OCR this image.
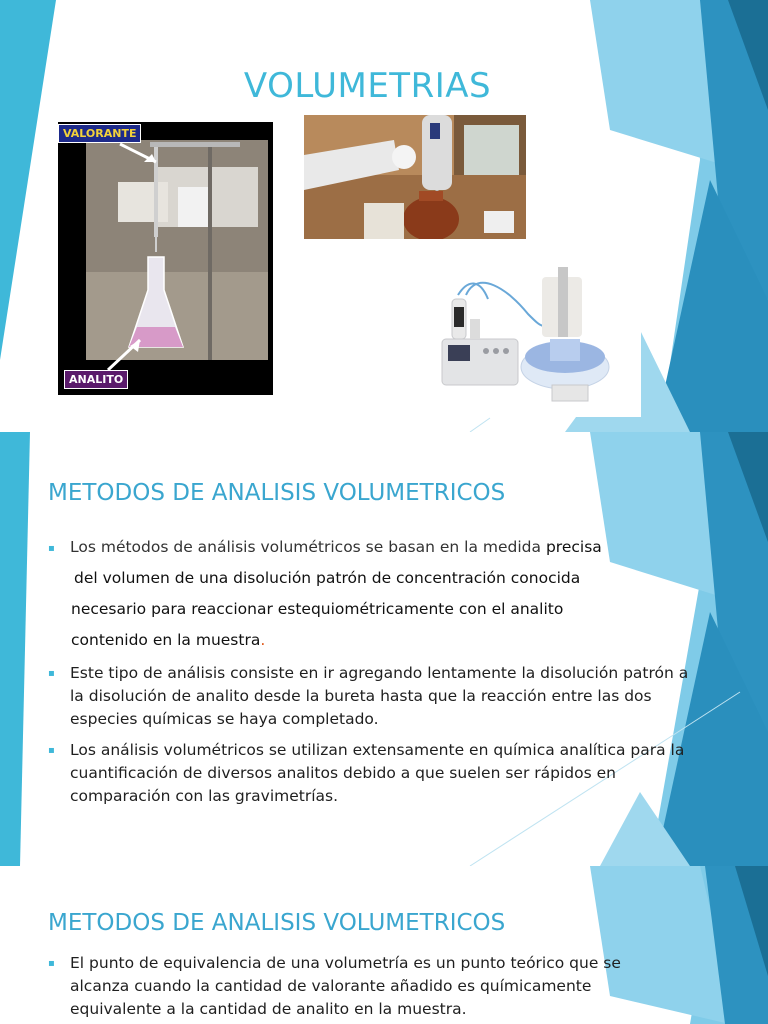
VOLUMETRIAS
VALORANTE
ANALITO
METODOS DE ANALISIS VOLUMETRICOS
▪ Los métodos de análisis volumétricos se basan en la medida precisa
del volumen de una disolución patrón de concentración conocida
necesario para reaccionar estequiométricamente con el analito
contenido en la muestra.
▪ Este tipo de análisis consiste en ir agregando lentamente la disolución patrón a la disolución de analito desde la bureta hasta que la reacción entre las dos especies químicas se haya completado.
▪ Los análisis volumétricos se utilizan extensamente en química analítica para la cuantificación de diversos analitos debido a que suelen ser rápidos en comparación con las gravimetrías.
METODOS DE ANALISIS VOLUMETRICOS
▪ El punto de equivalencia de una volumetría es un punto teórico que se alcanza cuando la cantidad de valorante añadido es químicamente equivalente a la cantidad de analito en la muestra.
